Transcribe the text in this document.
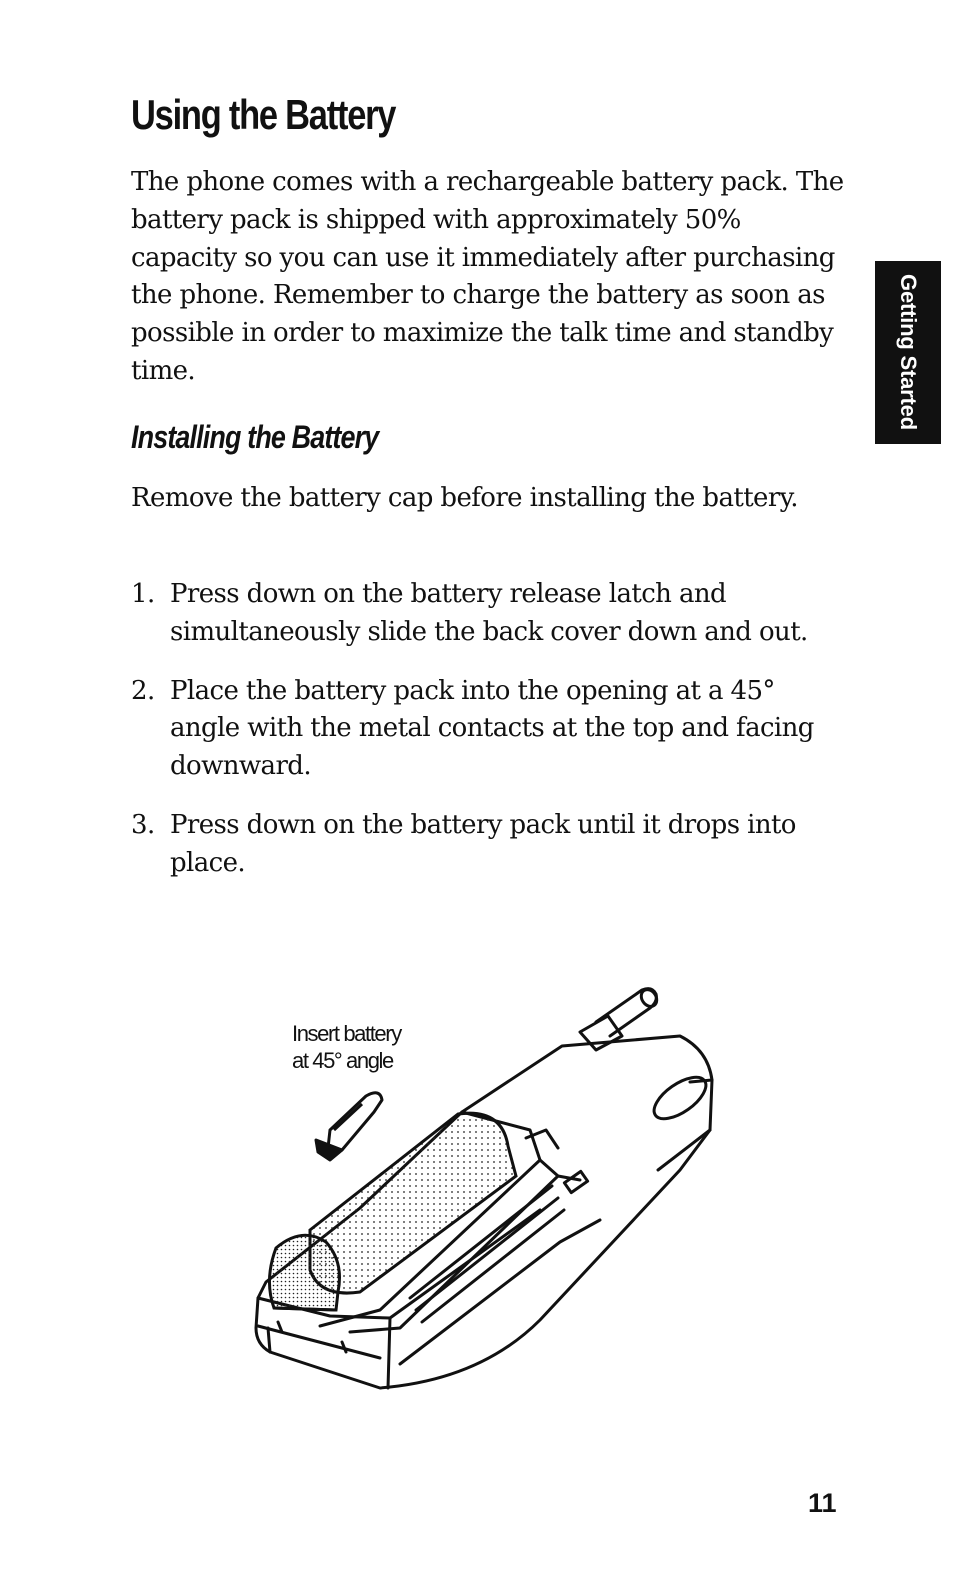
Using the Battery

The phone comes with a rechargeable battery pack. The battery pack is shipped with approximately 50% capacity so you can use it immediately after purchasing the phone. Remember to charge the battery as soon as possible in order to maximize the talk time and standby time.

Installing the Battery

Remove the battery cap before installing the battery.

1. Press down on the battery release latch and simultaneously slide the back cover down and out.
2. Place the battery pack into the opening at a 45° angle with the metal contacts at the top and facing downward.
3. Press down on the battery pack until it drops into place.
Getting Started
Insert battery
at 45° angle
11
